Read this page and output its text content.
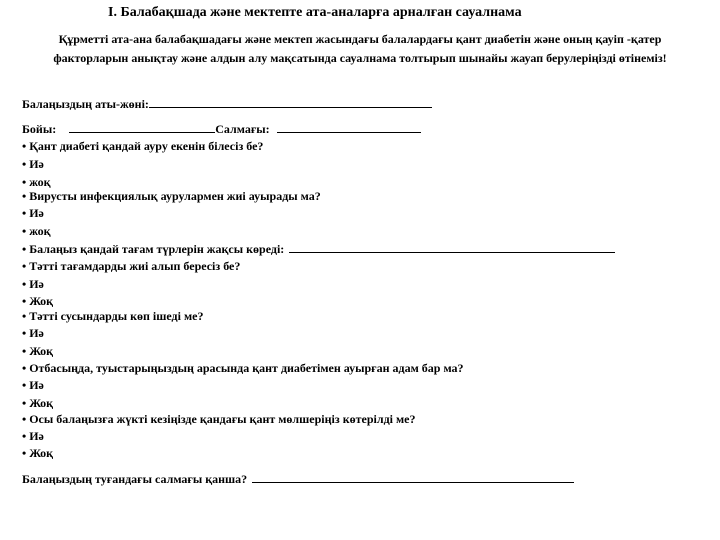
I. Балабақшада және мектепте ата-аналарға арналған сауалнама
Құрметті ата-ана балабақшадағы және мектеп жасындағы балалардағы қант диабетін және оның қауіп -қатер факторларын анықтау және алдын алу мақсатында сауалнама толтырып шынайы жауап берулеріңізді өтінеміз!
Балаңыздың аты-жөні:
Бойы:	Салмағы:
• Қант диабеті қандай ауру екенін білесіз бе?
• Иә
• жоқ
• Вирусты инфекциялық аурулармен жиі ауырады ма?
• Иә
• жоқ
• Балаңыз қандай тағам түрлерін жақсы көреді:
• Тәтті тағамдарды жиі алып бересіз бе?
• Иә
• Жоқ
• Тәтті сусындарды көп ішеді ме?
• Иә
• Жоқ
• Отбасыңда, туыстарыңыздың арасында қант диабетімен ауырған адам бар ма?
• Иә
• Жоқ
• Осы балаңызға жүкті кезіңізде қандағы қант мөлшеріңіз көтерілді ме?
• Иә
• Жоқ
Балаңыздың туғандағы салмағы қанша?
